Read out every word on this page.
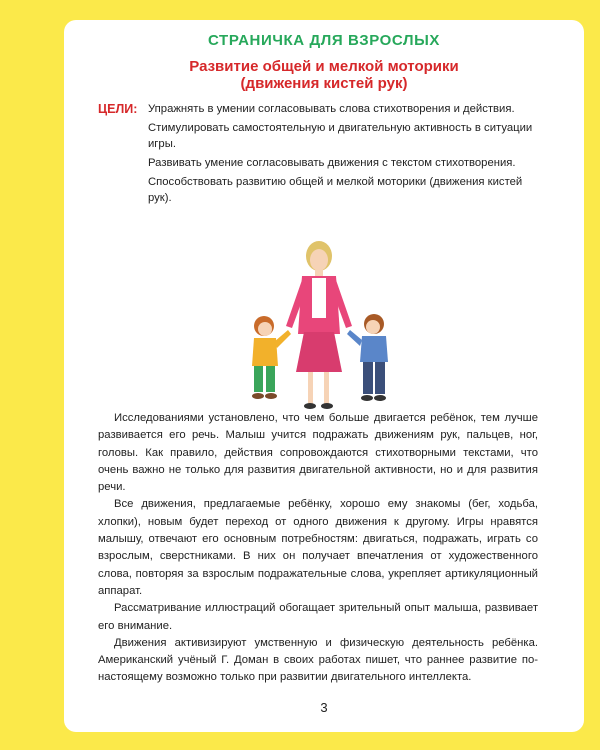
СТРАНИЧКА ДЛЯ ВЗРОСЛЫХ
Развитие общей и мелкой моторики
(движения кистей рук)
ЦЕЛИ: Упражнять в умении согласовывать слова стихотворения и действия.

Стимулировать самостоятельную и двигательную активность в ситуации игры.

Развивать умение согласовывать движения с текстом стихотворения.

Способствовать развитию общей и мелкой моторики (движения кистей рук).

Исследованиями установлено, что чем больше двигается ребёнок, тем лучше развивается его речь. Малыш учится подражать движениям рук, пальцев, ног, головы. Как правило, действия сопровождаются стихотворными текстами, что очень важно не только для развития двигательной активности, но и для развития речи.

Все движения, предлагаемые ребёнку, хорошо ему знакомы (бег, ходьба, хлопки), новым будет переход от одного движения к другому. Игры нравятся малышу, отвечают его основным потребностям: двигаться, подражать, играть со взрослым, сверстниками. В них он получает впечатления от художественного слова, повторяя за взрослым подражательные слова, укрепляет артикуляционный аппарат.

Рассматривание иллюстраций обогащает зрительный опыт малыша, развивает его внимание.

Движения активизируют умственную и физическую деятельность ребёнка. Американский учёный Г. Доман в своих работах пишет, что раннее развитие по-настоящему возможно только при развитии двигательного интеллекта.

3
